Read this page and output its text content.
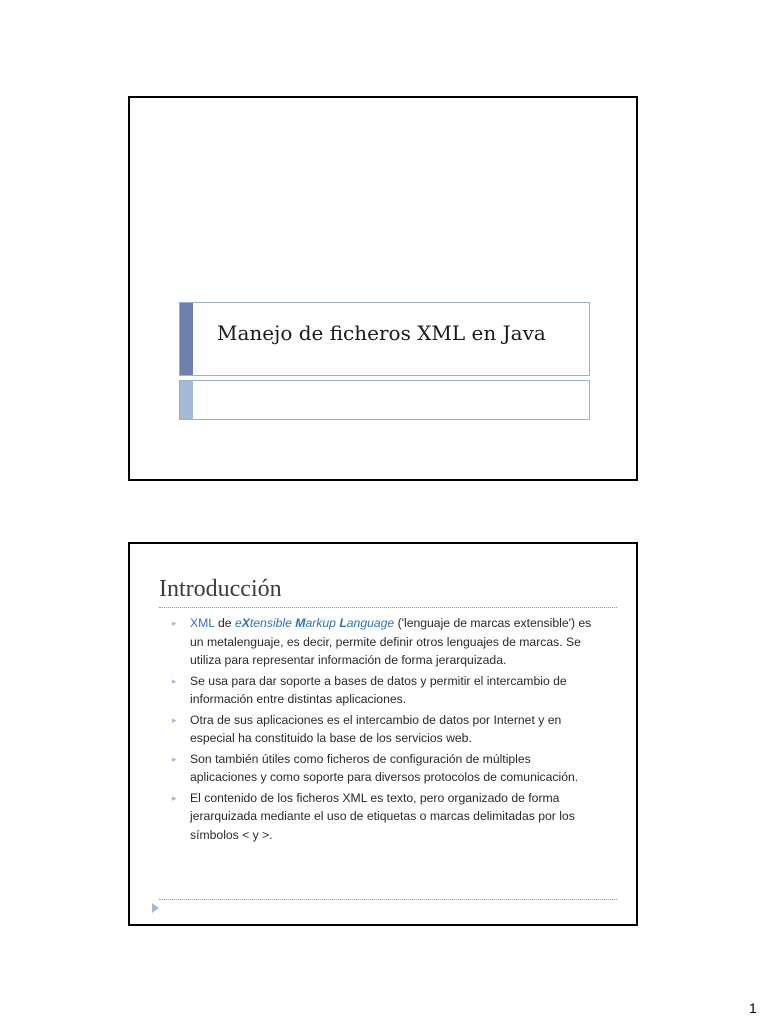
Manejo de ficheros XML en Java
Introducción
▸ XML de eXtensible Markup Language ('lenguaje de marcas extensible') es un metalenguaje, es decir, permite definir otros lenguajes de marcas. Se utiliza para representar información de forma jerarquizada.
▸ Se usa para dar soporte a bases de datos y permitir el intercambio de información entre distintas aplicaciones.
▸ Otra de sus aplicaciones es el intercambio de datos por Internet y en especial ha constituido la base de los servicios web.
▸ Son también útiles como ficheros de configuración de múltiples aplicaciones y como soporte para diversos protocolos de comunicación.
▸ El contenido de los ficheros XML es texto, pero organizado de forma jerarquizada mediante el uso de etiquetas o marcas delimitadas por los símbolos < y >.
1
